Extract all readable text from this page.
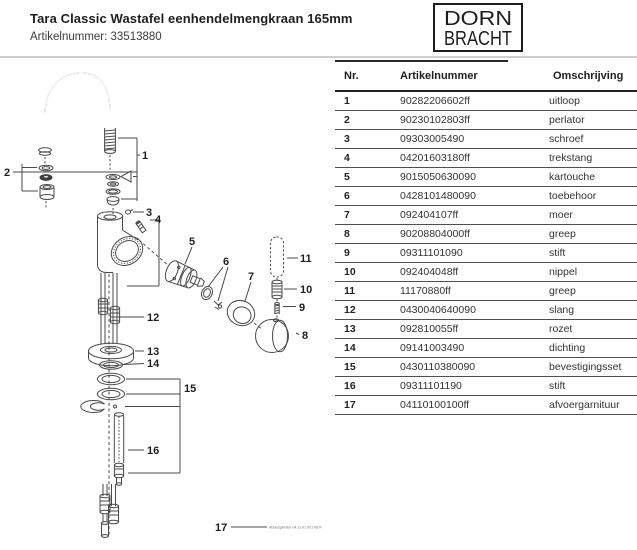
Tara Classic Wastafel eenhendelmengkraan 165mm
Artikelnummer: 33513880
DORN
BRACHT
Nr.	Artikelnummer	Omschrijving
1	90282206602ff	uitloop
2	90230102803ff	perlator
3	09303005490	schroef
4	04201603180ff	trekstang
5	9015050630090	kartouche
6	0428101480090	toebehoor
7	092404107ff	moer
8	90208804000ff	greep
9	09311101090	stift
10	092404048ff	nippel
11	11170880ff	greep
12	0430040640090	slang
13	092810055ff	rozet
14	09141003490	dichting
15	0430110380090	bevestigingsset
16	09311101190	stift
17	04110100100ff	afvoergarnituur
1
2
3
4
5
6
7
8
9
10
11
12
13
14
15
16
17	Ablaufgarnitur 04.11.01 001 08 R
